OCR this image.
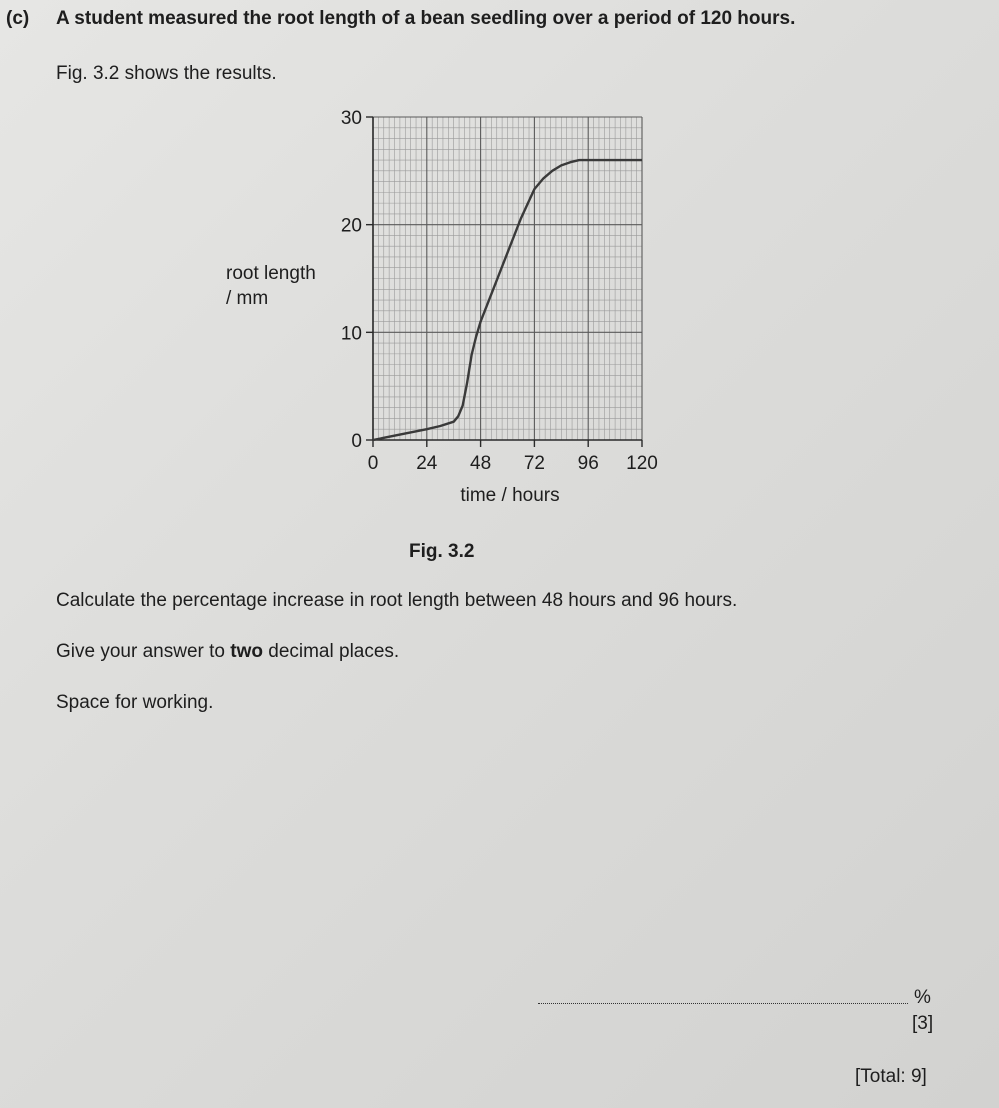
(c) A student measured the root length of a bean seedling over a period of 120 hours.
Fig. 3.2 shows the results.
root length
/ mm
0 24 48 72 96 120
0
10
20
30
time / hours
Fig. 3.2
Calculate the percentage increase in root length between 48 hours and 96 hours.
Give your answer to two decimal places.
Space for working.
%
[3]
[Total: 9]
